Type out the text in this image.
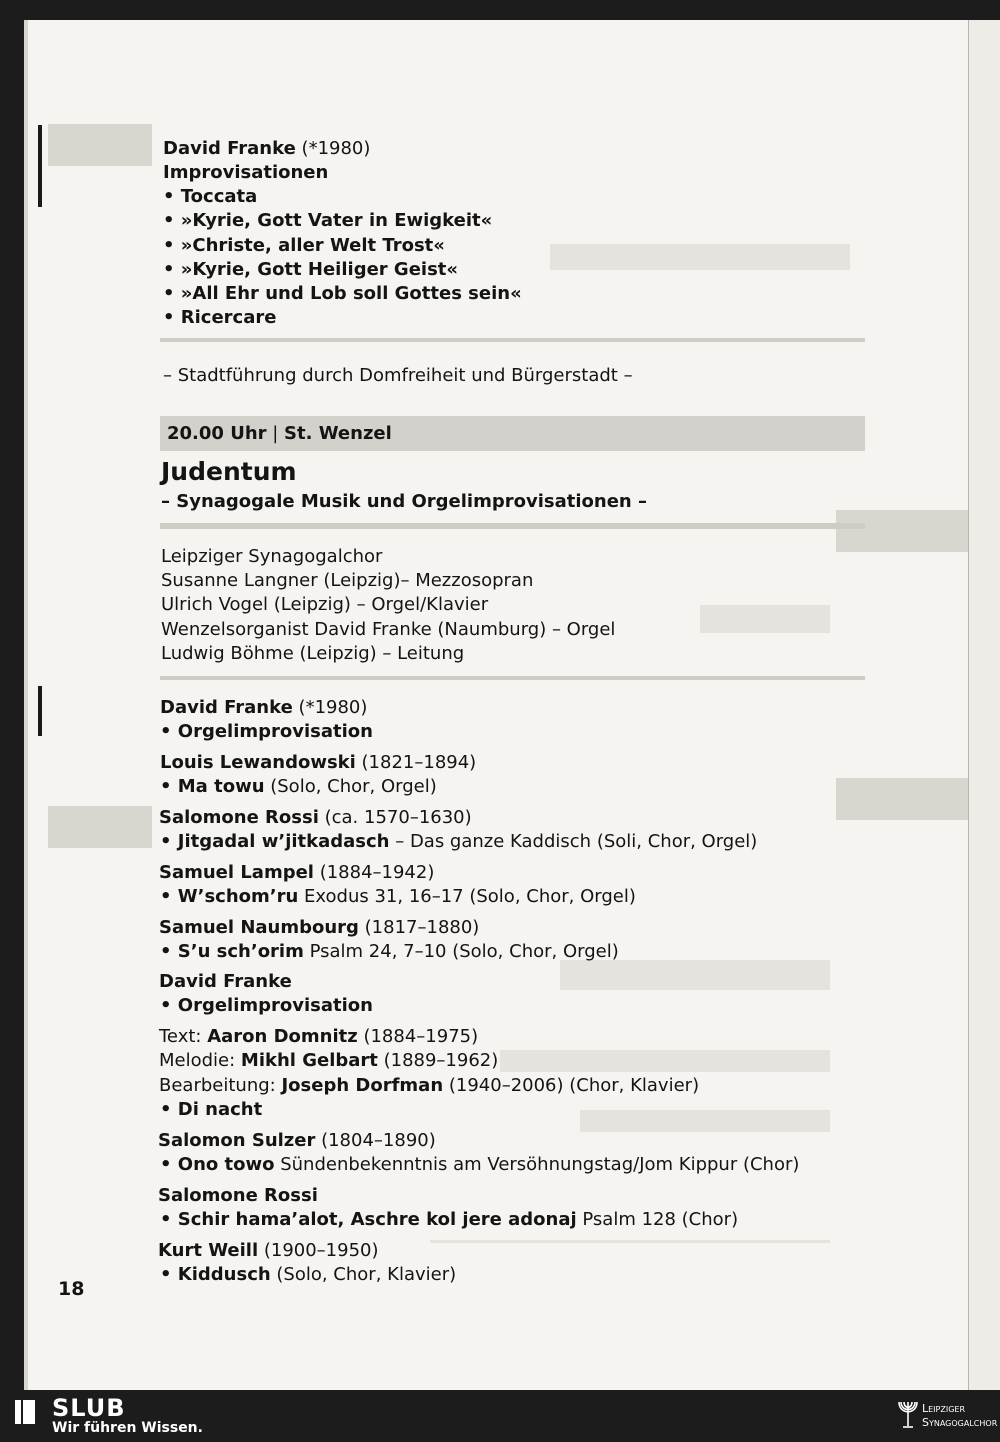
David Franke (*1980)
Improvisationen
• Toccata
• »Kyrie, Gott Vater in Ewigkeit«
• »Christe, aller Welt Trost«
• »Kyrie, Gott Heiliger Geist«
• »All Ehr und Lob soll Gottes sein«
• Ricercare
– Stadtführung durch Domfreiheit und Bürgerstadt –
20.00 Uhr | St. Wenzel
Judentum
– Synagogale Musik und Orgelimprovisationen –
Leipziger Synagogalchor
Susanne Langner (Leipzig)– Mezzosopran
Ulrich Vogel (Leipzig) – Orgel/Klavier
Wenzelsorganist David Franke (Naumburg) – Orgel
Ludwig Böhme (Leipzig) – Leitung
David Franke (*1980)
• Orgelimprovisation
Louis Lewandowski (1821–1894)
• Ma towu (Solo, Chor, Orgel)
Salomone Rossi (ca. 1570–1630)
• Jitgadal w’jitkadasch – Das ganze Kaddisch (Soli, Chor, Orgel)
Samuel Lampel (1884–1942)
• W’schom’ru Exodus 31, 16–17 (Solo, Chor, Orgel)
Samuel Naumbourg (1817–1880)
• S’u sch’orim Psalm 24, 7–10 (Solo, Chor, Orgel)
David Franke
• Orgelimprovisation
Text: Aaron Domnitz (1884–1975)
Melodie: Mikhl Gelbart (1889–1962)
Bearbeitung: Joseph Dorfman (1940–2006) (Chor, Klavier)
• Di nacht
Salomon Sulzer (1804–1890)
• Ono towo Sündenbekenntnis am Versöhnungstag/Jom Kippur (Chor)
Salomone Rossi
• Schir hama’alot, Aschre kol jere adonaj Psalm 128 (Chor)
Kurt Weill (1900–1950)
• Kiddusch (Solo, Chor, Klavier)
18
SLUB
Wir führen Wissen.
Leipziger
Synagogalchor
